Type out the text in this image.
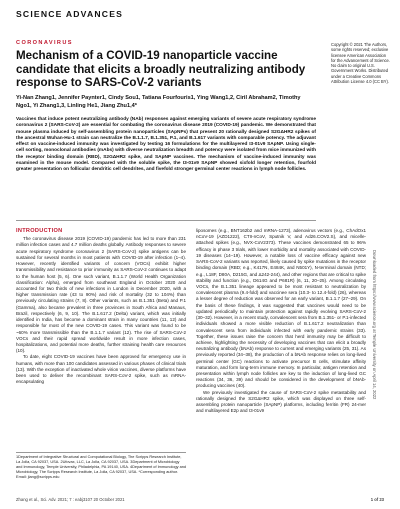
SCIENCE ADVANCES
CORONAVIRUS
Mechanism of a COVID-19 nanoparticle vaccine candidate that elicits a broadly neutralizing antibody response to SARS-CoV-2 variants
Yi-Nan Zhang1, Jennifer Paynter1, Cindy Sou1, Tatiana Fourfouris1, Ying Wang1,2, Ciril Abraham2, Timothy Ngo1, Yi Zhang1,3, Linling He1, Jiang Zhu1,4*
Copyright © 2021 The Authors, some rights reserved; exclusive licensee American Association for the Advancement of Science. No claim to original U.S. Government Works. Distributed under a Creative Commons Attribution License 4.0 (CC BY).
Vaccines that induce potent neutralizing antibody (NAb) responses against emerging variants of severe acute respiratory syndrome coronavirus 2 (SARS-CoV-2) are essential for combating the coronavirus disease 2019 (COVID-19) pandemic. We demonstrated that mouse plasma induced by self-assembling protein nanoparticles (SApNPs) that present 20 rationally designed S2GΔHR2 spikes of the ancestral Wuhan-Hu-1 strain can neutralize the B.1.1.7, B.1.351, P.1, and B.1.617 variants with comparable potency. The adjuvant effect on vaccine-induced immunity was investigated by testing 16 formulations for the multilayered I3-01v9 SApNP. Using single-cell sorting, monoclonal antibodies (mAbs) with diverse neutralization breadth and potency were isolated from mice immunized with the receptor binding domain (RBD), S2GΔHR2 spike, and SApNP vaccines. The mechanism of vaccine-induced immunity was examined in the mouse model. Compared with the soluble spike, the I3-01v9 SApNP showed sixfold longer retention, fourfold greater presentation on follicular dendritic cell dendrites, and fivefold stronger germinal center reactions in lymph node follicles.
Downloaded from https://www.science.org at Temple University on April 14, 2022
INTRODUCTION

The coronavirus disease 2019 (COVID-19) pandemic has led to more than 231 million infection cases and 4.7 million deaths globally. Antibody responses to severe acute respiratory syndrome coronavirus 2 (SARS-CoV-2) spike antigens can be sustained for several months in most patients with COVID-19 after infection (1–4). However, recently identified variants of concern (VOCs) exhibit higher transmissibility and resistance to prior immunity as SARS-CoV-2 continues to adapt to the human host (5, 6). One such variant, B.1.1.7 (World Health Organization classification: Alpha), emerged from southeast England in October 2020 and accounted for two thirds of new infections in London in December 2020, with a higher transmission rate (43 to 90%) and risk of mortality (32 to 104%) than previously circulating strains (7, 8). Other variants, such as B.1.351 (Beta) and P.1 (Gamma), also became prevalent in three provinces in South Africa and Manaus, Brazil, respectively (6, 9, 10). The B.1.617.2 (Delta) variant, which was initially identified in India, has become a dominant strain in many countries (11, 12) and responsible for most of the new COVID-19 cases. This variant was found to be ~60% more transmissible than the B.1.1.7 variant (12). The rise of SARS-CoV-2 VOCs and their rapid spread worldwide result in more infection cases, hospitalizations, and potential more deaths, further straining health care resources (10).

To date, eight COVID-19 vaccines have been approved for emergency use in humans, with more than 100 candidates assessed in various phases of clinical trials (13). With the exception of inactivated whole virion vaccines, diverse platforms have been used to deliver the recombinant SARS-CoV-2 spike, such as mRNA-encapsulating

1Department of Integrative Structural and Computational Biology, The Scripps Research Institute, La Jolla, CA 92037, USA. 2Ufovax, LLC, La Jolla, CA 92037, USA. 3Department of Microbiology and Immunology, Temple University, Philadelphia, PA 19140, USA. 4Department of Immunology and Microbiology, The Scripps Research Institute, La Jolla, CA 92037, USA. *Corresponding author. Email: jiang@scripps.edu

liposomes (e.g., BNT162b2 and mRNA-1273), adenovirus vectors (e.g., ChAdOx1 nCoV-19 (AZD1222), CTII-nCoV, Sputnik V, and Ad26.COV2.S), and micelle-attached spikes (e.g., NVX-CoV2373). These vaccines demonstrated 65 to 96% efficacy in phase 3 trials, with lower morbidity and mortality associated with COVID-19 diseases (14–19). However, a notable loss of vaccine efficacy against new SARS-CoV-2 variants was reported, likely caused by spike mutations in the receptor binding domain (RBD; e.g., K417N, E484K, and N501Y), N-terminal domain (NTD; e.g., L18F, D80A, D215G, and Δ242-244), and other regions that are critical to spike stability and function (e.g., D614G and P681R) (6, 11, 20–25). Among circulating VOCs, the B.1.351 lineage appeared to be most resistant to neutralization by convalescent plasma (9.4-fold) and vaccinee sera (10.3- to 12.4-fold) (26), whereas a lesser degree of reduction was observed for an early variant, B.1.1.7 (27–29). On the basis of these findings, it was suggested that vaccines would need to be updated periodically to maintain protection against rapidly evolving SARS-CoV-2 (30–32). However, in a recent study, convalescent sera from B.1.351- or P.1-infected individuals showed a more visible reduction of B.1.617.2 neutralization than convalescent sera from individuals infected with early pandemic strains (33). Together, these issues raise the concern that herd immunity may be difficult to achieve, highlighting the necessity of developing vaccines that can elicit a broadly neutralizing antibody (bNAb) response to current and emerging variants (25, 31). As previously reported (34–38), the production of a bNAb response relies on long-lived germinal center (GC) reactions to activate precursor B cells, stimulate affinity maturation, and form long-term immune memory. In particular, antigen retention and presentation within lymph node follicles are key to the induction of long-lived GC reactions (34, 36, 39) and should be considered in the development of bNAb-producing vaccines (40).

We previously investigated the cause of SARS-CoV-2 spike metastability and rationally designed the S2GΔHR2 spike, which was displayed on three self-assembling protein nanoparticle (SApNP) platforms, including ferritin (FR) 24-mer and multilayered E2p and I3-01v9

Zhang et al., Sci. Adv. 2021; 7 : eabj3107 20 October 2021	1 of 23
